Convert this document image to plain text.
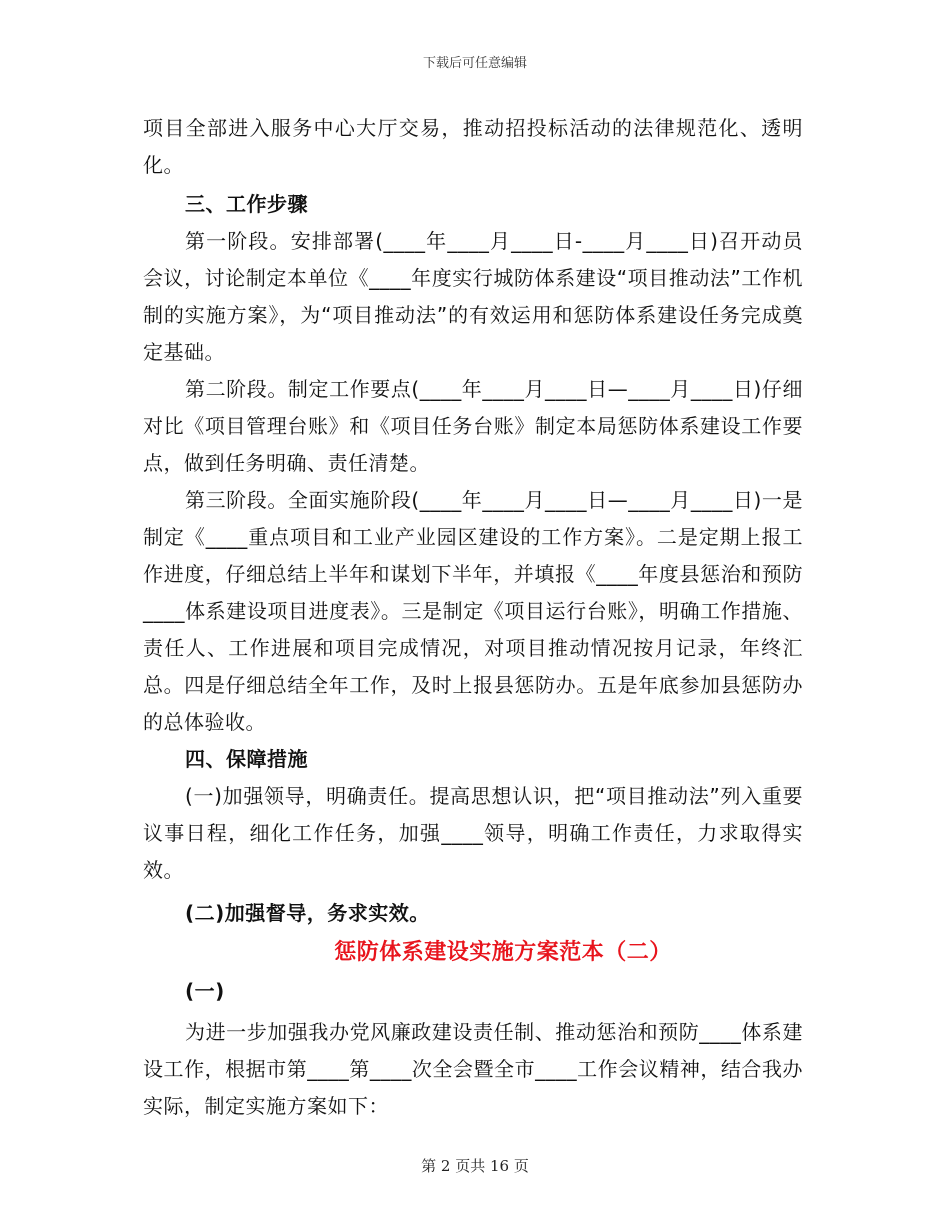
下载后可任意编辑

项目全部进入服务中心大厅交易，推动招投标活动的法律规范化、透明化。

三、工作步骤

第一阶段。安排部署(____年____月____日-____月____日)召开动员会议，讨论制定本单位《____年度实行城防体系建设“项目推动法”工作机制的实施方案》，为“项目推动法”的有效运用和惩防体系建设任务完成奠定基础。

第二阶段。制定工作要点(____年____月____日—____月____日)仔细对比《项目管理台账》和《项目任务台账》制定本局惩防体系建设工作要点，做到任务明确、责任清楚。

第三阶段。全面实施阶段(____年____月____日—____月____日)一是制定《____重点项目和工业产业园区建设的工作方案》。二是定期上报工作进度，仔细总结上半年和谋划下半年，并填报《____年度县惩治和预防____体系建设项目进度表》。三是制定《项目运行台账》，明确工作措施、责任人、工作进展和项目完成情况，对项目推动情况按月记录，年终汇总。四是仔细总结全年工作，及时上报县惩防办。五是年底参加县惩防办的总体验收。

四、保障措施

(一)加强领导，明确责任。提高思想认识，把“项目推动法”列入重要议事日程，细化工作任务，加强____领导，明确工作责任，力求取得实效。

(二)加强督导，务求实效。

惩防体系建设实施方案范本（二）

(一)

为进一步加强我办党风廉政建设责任制、推动惩治和预防____体系建设工作，根据市第____第____次全会暨全市____工作会议精神，结合我办实际，制定实施方案如下：

第 2 页共 16 页
